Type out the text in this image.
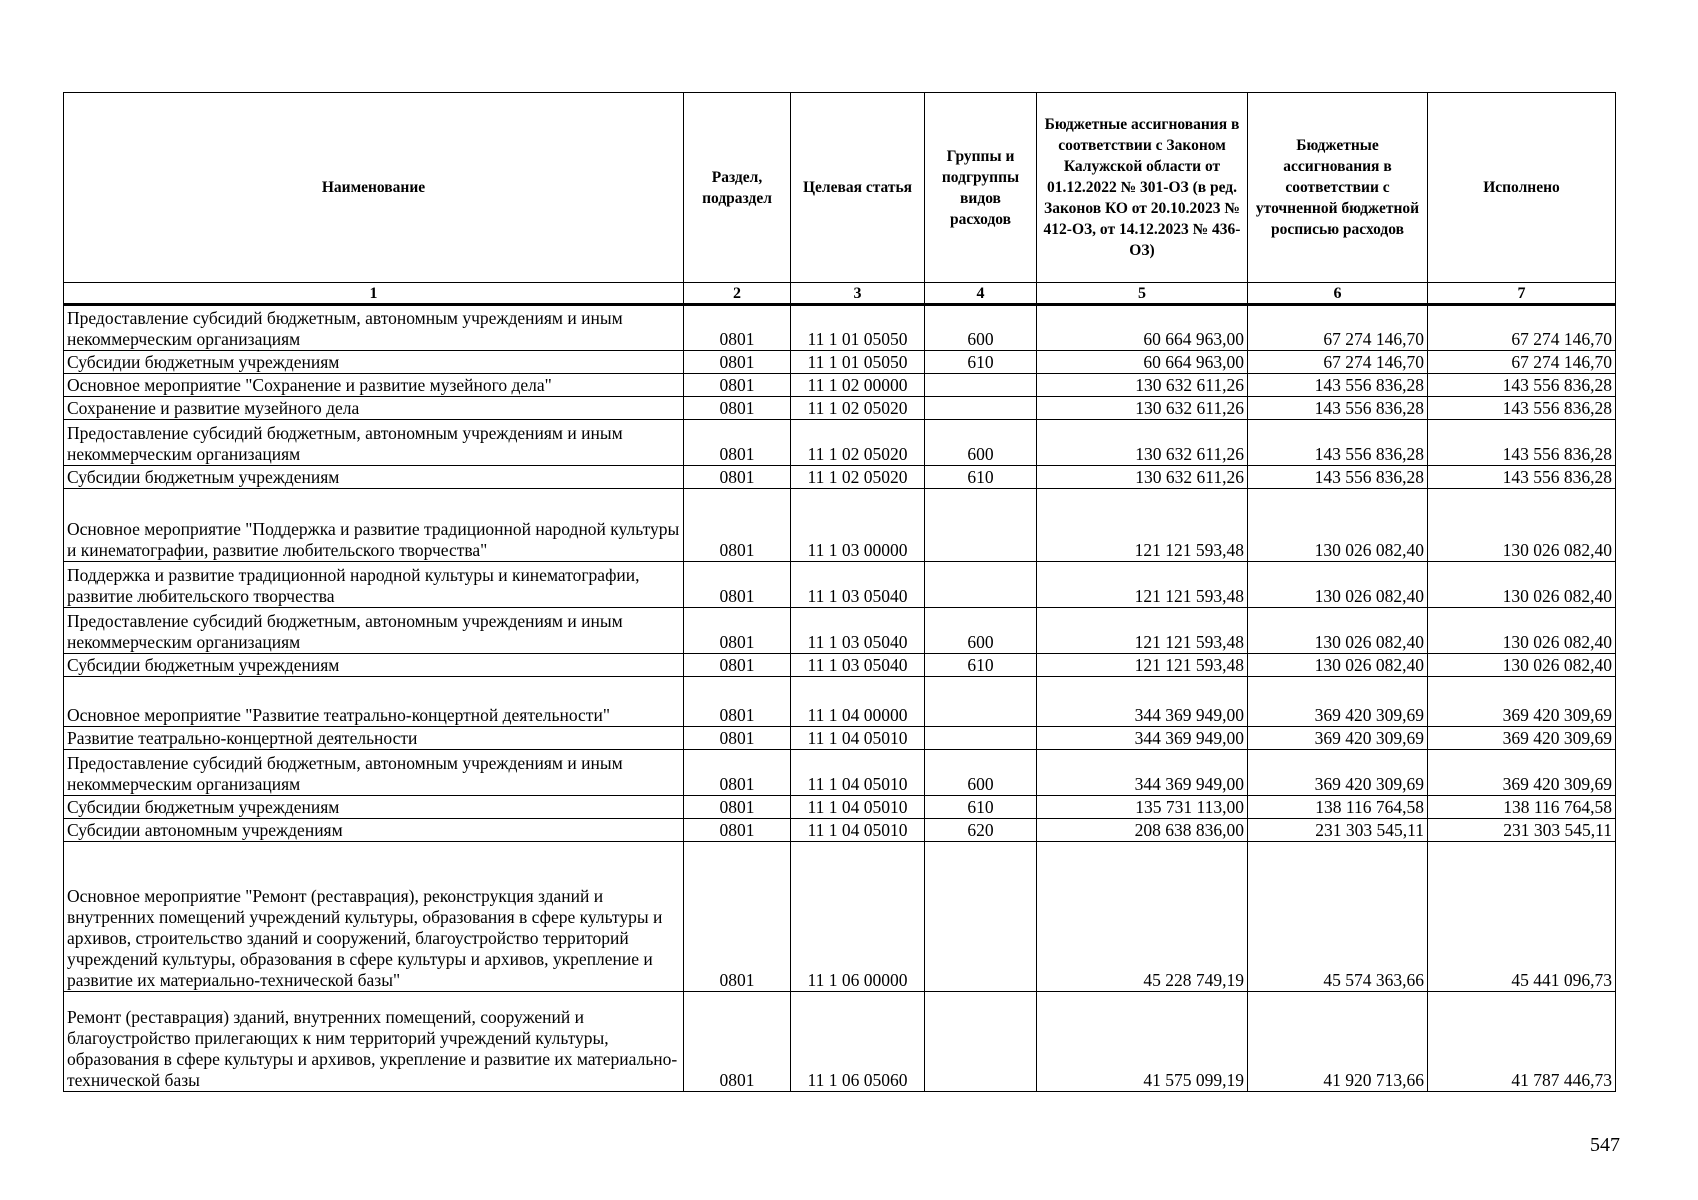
Наименование	Раздел, подраздел	Целевая статья	Группы и подгруппы видов расходов	Бюджетные ассигнования в соответствии с Законом Калужской области от 01.12.2022 № 301-ОЗ (в ред. Законов КО от 20.10.2023 № 412-ОЗ, от 14.12.2023 № 436-ОЗ)	Бюджетные ассигнования в соответствии с уточненной бюджетной росписью расходов	Исполнено
1	2	3	4	5	6	7
Предоставление субсидий бюджетным, автономным учреждениям и иным некоммерческим организациям	0801	11 1 01 05050	600	60 664 963,00	67 274 146,70	67 274 146,70
Субсидии бюджетным учреждениям	0801	11 1 01 05050	610	60 664 963,00	67 274 146,70	67 274 146,70
Основное мероприятие "Сохранение и развитие музейного дела"	0801	11 1 02 00000		130 632 611,26	143 556 836,28	143 556 836,28
Сохранение и развитие музейного дела	0801	11 1 02 05020		130 632 611,26	143 556 836,28	143 556 836,28
Предоставление субсидий бюджетным, автономным учреждениям и иным некоммерческим организациям	0801	11 1 02 05020	600	130 632 611,26	143 556 836,28	143 556 836,28
Субсидии бюджетным учреждениям	0801	11 1 02 05020	610	130 632 611,26	143 556 836,28	143 556 836,28
Основное мероприятие "Поддержка и развитие традиционной народной культуры и кинематографии, развитие любительского творчества"	0801	11 1 03 00000		121 121 593,48	130 026 082,40	130 026 082,40
Поддержка и развитие традиционной народной культуры и кинематографии, развитие любительского творчества	0801	11 1 03 05040		121 121 593,48	130 026 082,40	130 026 082,40
Предоставление субсидий бюджетным, автономным учреждениям и иным некоммерческим организациям	0801	11 1 03 05040	600	121 121 593,48	130 026 082,40	130 026 082,40
Субсидии бюджетным учреждениям	0801	11 1 03 05040	610	121 121 593,48	130 026 082,40	130 026 082,40
Основное мероприятие "Развитие театрально-концертной деятельности"	0801	11 1 04 00000		344 369 949,00	369 420 309,69	369 420 309,69
Развитие театрально-концертной деятельности	0801	11 1 04 05010		344 369 949,00	369 420 309,69	369 420 309,69
Предоставление субсидий бюджетным, автономным учреждениям и иным некоммерческим организациям	0801	11 1 04 05010	600	344 369 949,00	369 420 309,69	369 420 309,69
Субсидии бюджетным учреждениям	0801	11 1 04 05010	610	135 731 113,00	138 116 764,58	138 116 764,58
Субсидии автономным учреждениям	0801	11 1 04 05010	620	208 638 836,00	231 303 545,11	231 303 545,11
Основное мероприятие "Ремонт (реставрация), реконструкция зданий и внутренних помещений учреждений культуры, образования в сфере культуры и архивов, строительство зданий и сооружений, благоустройство территорий учреждений культуры, образования в сфере культуры и архивов, укрепление и развитие их материально-технической базы"	0801	11 1 06 00000		45 228 749,19	45 574 363,66	45 441 096,73
Ремонт (реставрация) зданий, внутренних помещений, сооружений и благоустройство прилегающих к ним территорий учреждений культуры, образования в сфере культуры и архивов, укрепление и развитие их материально-технической базы	0801	11 1 06 05060		41 575 099,19	41 920 713,66	41 787 446,73
547
